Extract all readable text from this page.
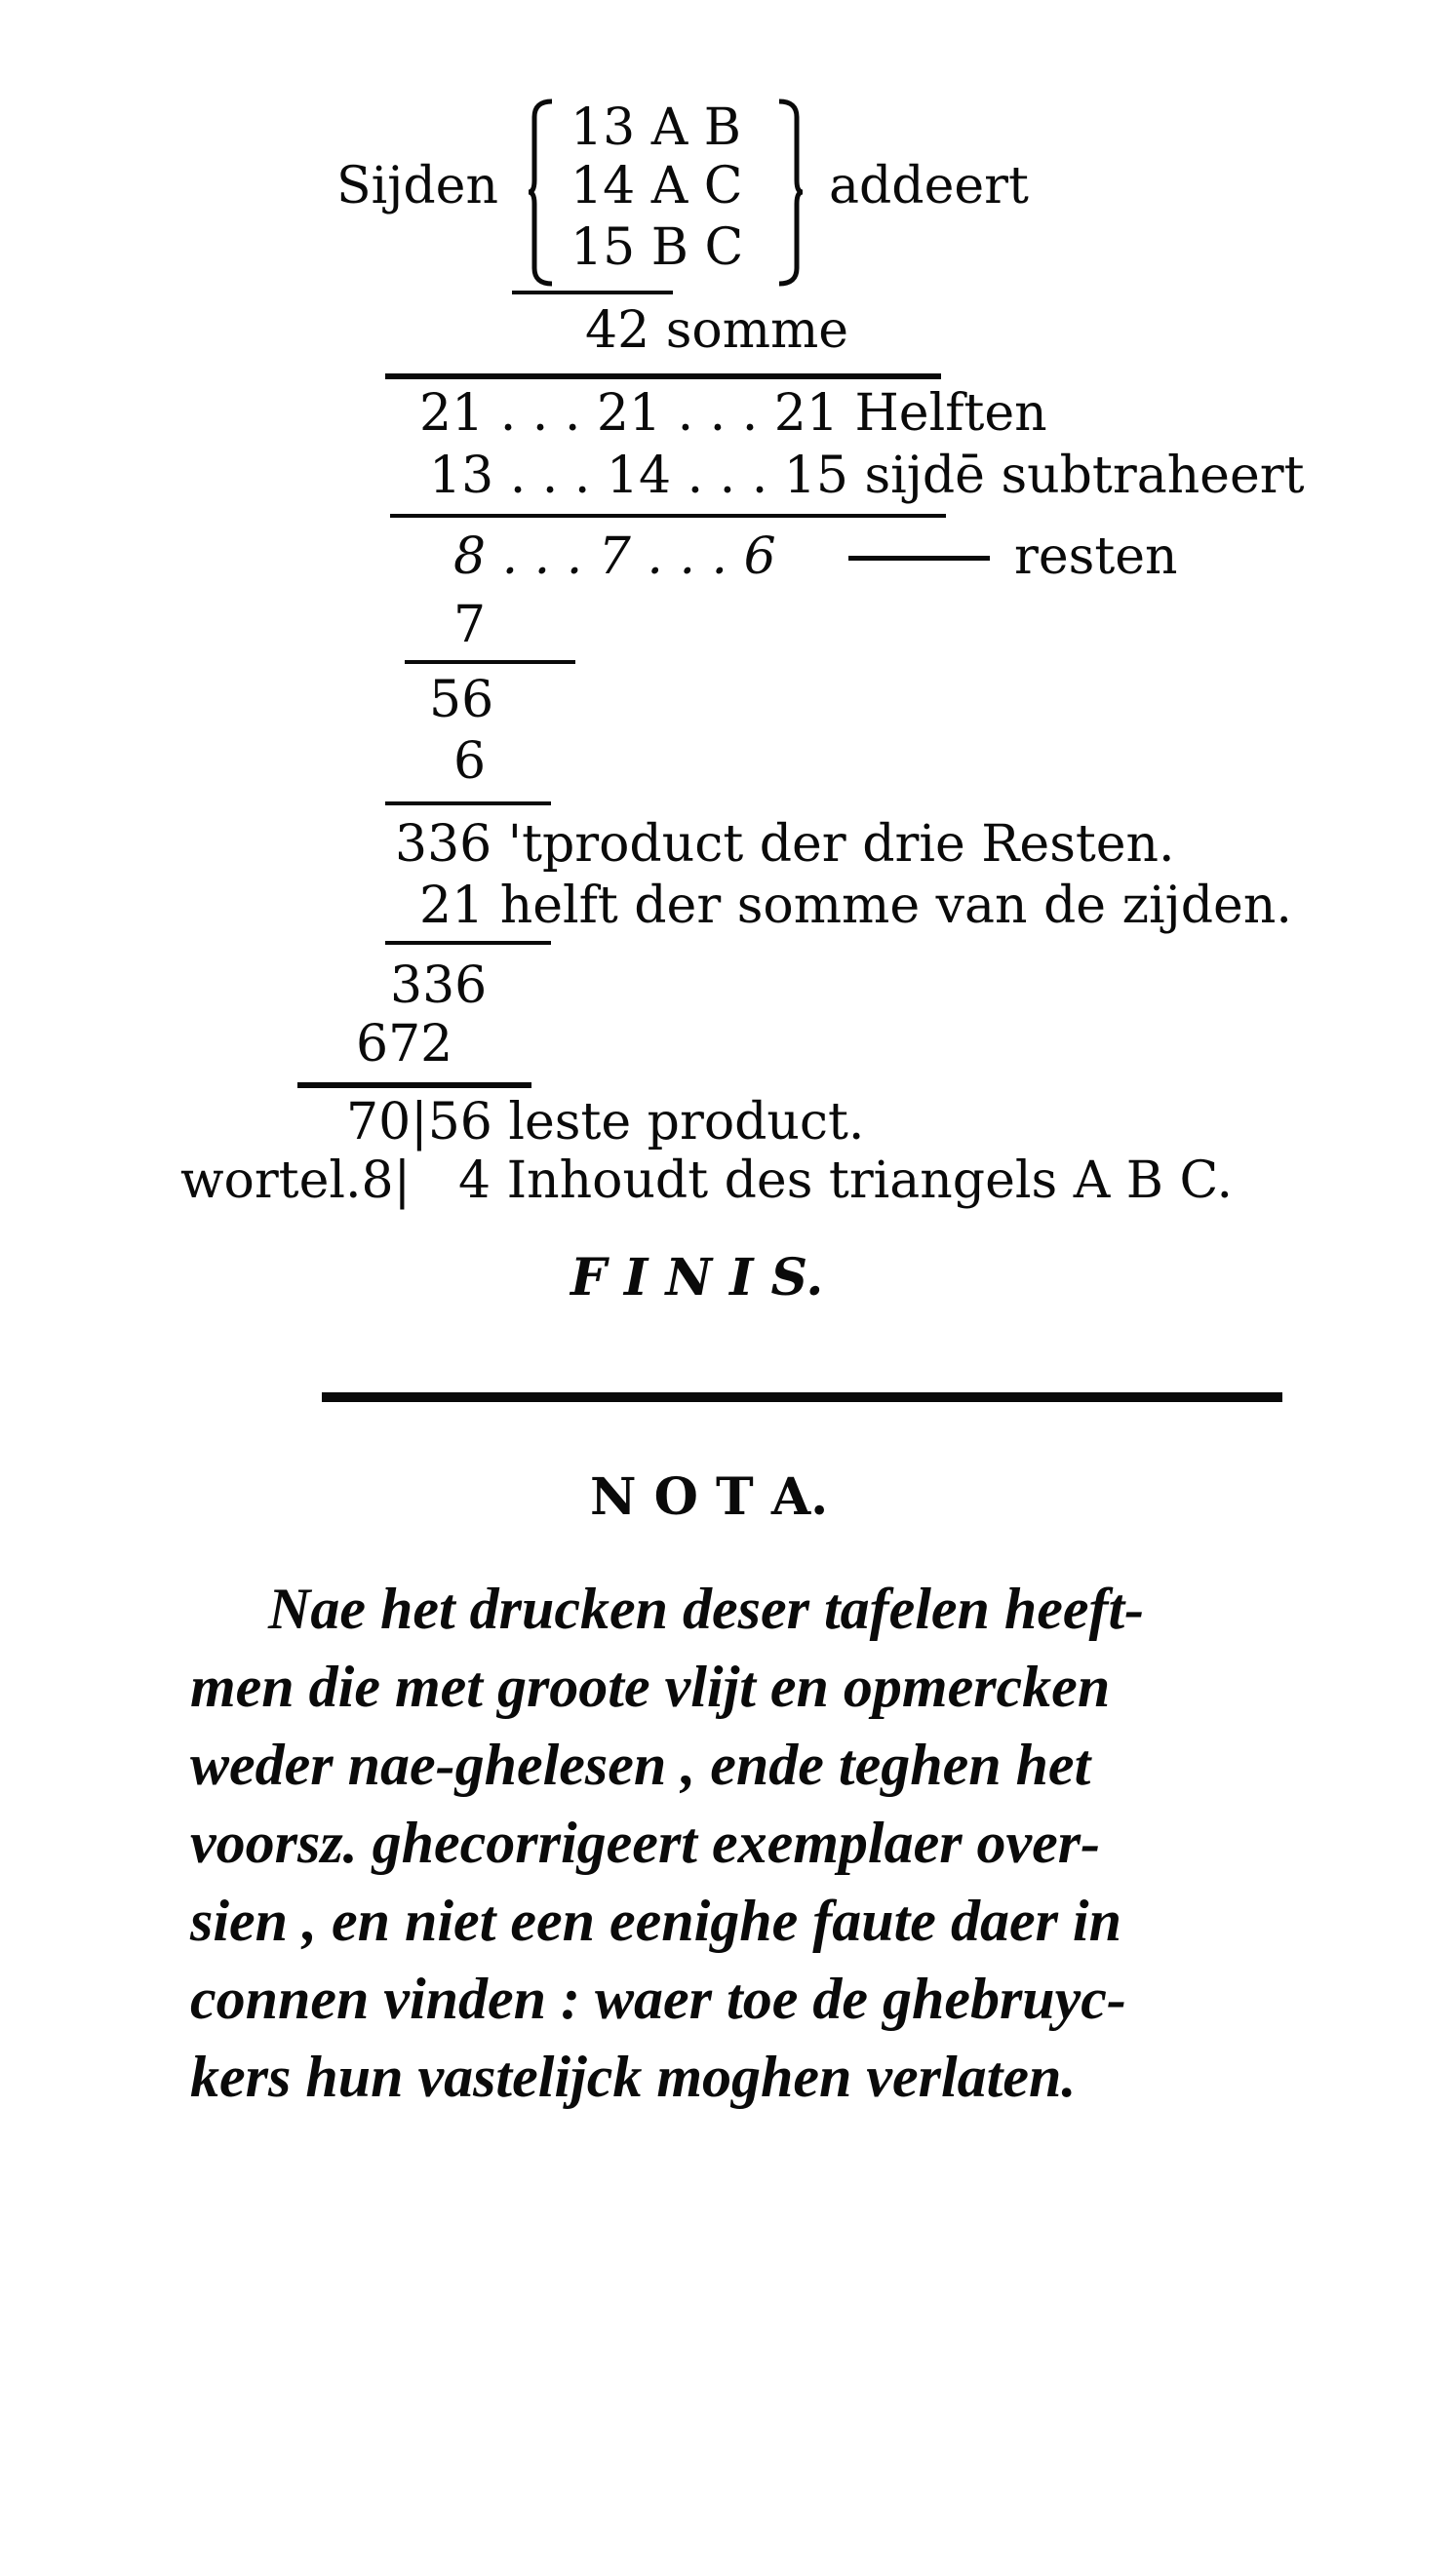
Sijden
13 A B
14 A C
15 B C
addeert
42 somme
21 . . . 21 . . . 21 Helften
13 . . . 14 . . . 15 sijdē subtraheert
8 . . . 7 . . . 6	resten
7
56
6
336 'tproduct der drie Resten.
21 helft der somme van de zijden.
336
672
70|56 leste product.
wortel.8| 4 Inhoudt des triangels A B C.
F I N I S.
N O T A.
Nae het drucken deser tafelen heeft-
men die met groote vlijt en opmercken
weder nae-ghelesen , ende teghen het
voorsz. ghecorrigeert exemplaer over-
sien , en niet een eenighe faute daer in
connen vinden : waer toe de ghebruyc-
kers hun vastelijck moghen verlaten.
